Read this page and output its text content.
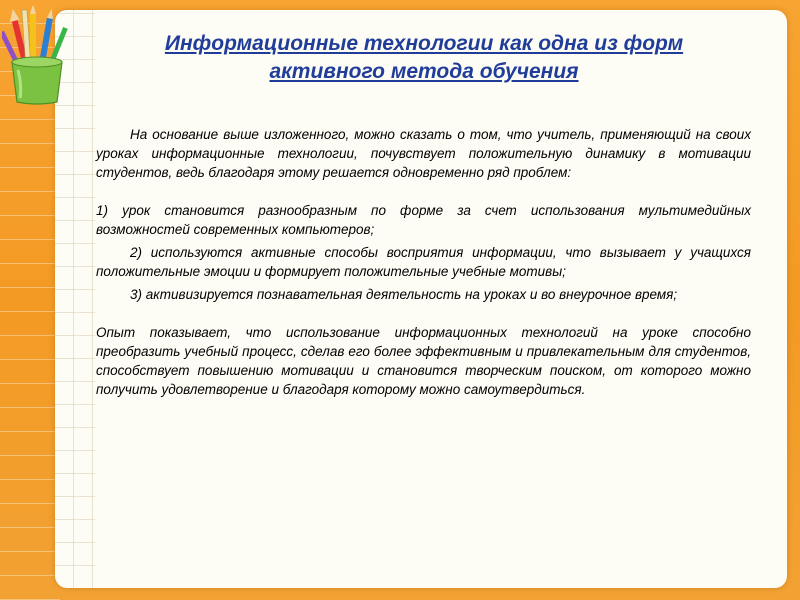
Информационные технологии как одна из форм
активного метода обучения

На основание выше изложенного, можно сказать о том, что учитель, применяющий на своих уроках информационные технологии, почувствует положительную динамику в мотивации студентов, ведь благодаря этому решается одновременно ряд проблем:

1) урок становится разнообразным по форме за счет использования мультимедийных возможностей современных компьютеров;

2) используются активные способы восприятия информации, что вызывает у учащихся положительные эмоции и формирует положительные учебные мотивы;

3) активизируется познавательная деятельность на уроках и во внеурочное время;

Опыт показывает, что использование информационных технологий на уроке способно преобразить учебный процесс, сделав его более эффективным и привлекательным для студентов, способствует повышению мотивации и становится творческим поиском, от которого можно получить удовлетворение и благодаря которому можно самоутвердиться.
